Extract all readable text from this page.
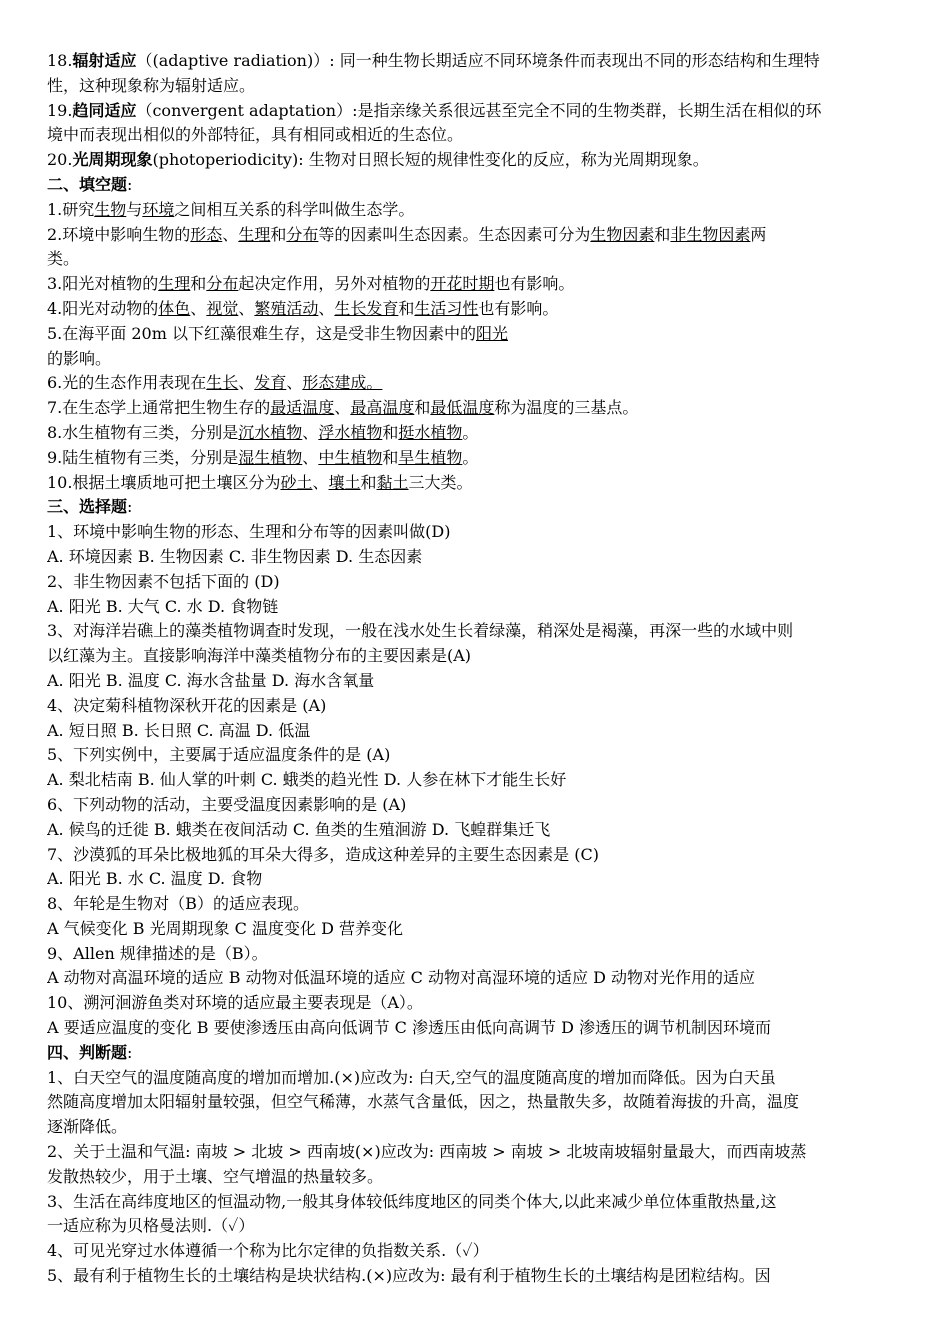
18.辐射适应（(adaptive radiation)）: 同一种生物长期适应不同环境条件而表现出不同的形态结构和生理特
性，这种现象称为辐射适应。
19.趋同适应（convergent adaptation）:是指亲缘关系很远甚至完全不同的生物类群，长期生活在相似的环
境中而表现出相似的外部特征，具有相同或相近的生态位。
20.光周期现象(photoperiodicity): 生物对日照长短的规律性变化的反应，称为光周期现象。
二、填空题:
1.研究生物与环境之间相互关系的科学叫做生态学。
2.环境中影响生物的形态、生理和分布等的因素叫生态因素。生态因素可分为生物因素和非生物因素两
类。
3.阳光对植物的生理和分布起决定作用，另外对植物的开花时期也有影响。
4.阳光对动物的体色、视觉、繁殖活动、生长发育和生活习性也有影响。
5.在海平面 20m 以下红藻很难生存，这是受非生物因素中的阳光
的影响。
6.光的生态作用表现在生长、发育、形态建成。
7.在生态学上通常把生物生存的最适温度、最高温度和最低温度称为温度的三基点。
8.水生植物有三类，分别是沉水植物、浮水植物和挺水植物。
9.陆生植物有三类，分别是湿生植物、中生植物和旱生植物。
10.根据土壤质地可把土壤区分为砂土、壤土和黏土三大类。
三、选择题:
1、环境中影响生物的形态、生理和分布等的因素叫做(D)
A. 环境因素 B. 生物因素 C. 非生物因素 D. 生态因素
2、非生物因素不包括下面的 (D)
A. 阳光 B. 大气 C. 水 D. 食物链
3、对海洋岩礁上的藻类植物调查时发现，一般在浅水处生长着绿藻，稍深处是褐藻，再深一些的水域中则
以红藻为主。直接影响海洋中藻类植物分布的主要因素是(A)
A. 阳光 B. 温度 C. 海水含盐量 D. 海水含氧量
4、决定菊科植物深秋开花的因素是 (A)
A. 短日照 B. 长日照 C. 高温 D. 低温
5、下列实例中，主要属于适应温度条件的是 (A)
A. 梨北桔南 B. 仙人掌的叶刺 C. 蛾类的趋光性 D. 人参在林下才能生长好
6、下列动物的活动，主要受温度因素影响的是 (A)
A. 候鸟的迁徙 B. 蛾类在夜间活动 C. 鱼类的生殖洄游 D. 飞蝗群集迁飞
7、沙漠狐的耳朵比极地狐的耳朵大得多，造成这种差异的主要生态因素是 (C)
A. 阳光 B. 水 C. 温度 D. 食物
8、年轮是生物对（B）的适应表现。
A 气候变化 B 光周期现象 C 温度变化 D 营养变化
9、Allen 规律描述的是（B）。
A 动物对高温环境的适应 B 动物对低温环境的适应 C 动物对高湿环境的适应 D 动物对光作用的适应
10、溯河洄游鱼类对环境的适应最主要表现是（A）。
A 要适应温度的变化 B 要使渗透压由高向低调节 C 渗透压由低向高调节 D 渗透压的调节机制因环境而
四、判断题:
1、白天空气的温度随高度的增加而增加.(×)应改为: 白天,空气的温度随高度的增加而降低。因为白天虽
然随高度增加太阳辐射量较强，但空气稀薄，水蒸气含量低，因之，热量散失多，故随着海拔的升高，温度
逐渐降低。
2、关于土温和气温: 南坡 > 北坡 > 西南坡(×)应改为: 西南坡 > 南坡 > 北坡南坡辐射量最大，而西南坡蒸
发散热较少，用于土壤、空气增温的热量较多。
3、生活在高纬度地区的恒温动物,一般其身体较低纬度地区的同类个体大,以此来减少单位体重散热量,这
一适应称为贝格曼法则.（✓）
4、可见光穿过水体遵循一个称为比尔定律的负指数关系.（✓）
5、最有利于植物生长的土壤结构是块状结构.(×)应改为: 最有利于植物生长的土壤结构是团粒结构。因
